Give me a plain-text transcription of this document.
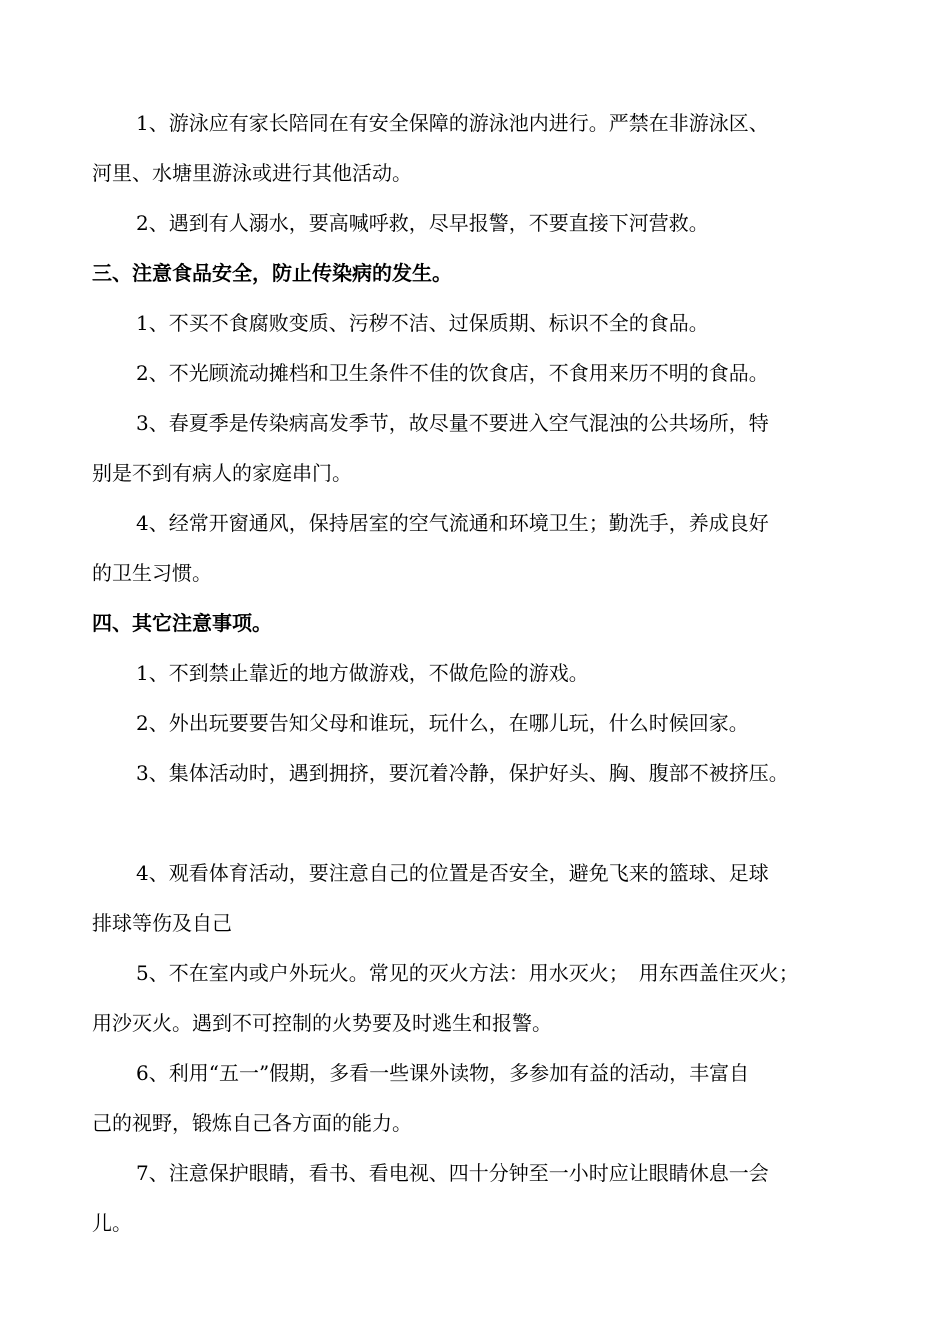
1、游泳应有家长陪同在有安全保障的游泳池内进行。严禁在非游泳区、

河里、水塘里游泳或进行其他活动。

2、遇到有人溺水，要高喊呼救，尽早报警，不要直接下河营救。

三、注意食品安全，防止传染病的发生。

1、不买不食腐败变质、污秽不洁、过保质期、标识不全的食品。

2、不光顾流动摊档和卫生条件不佳的饮食店，不食用来历不明的食品。

3、春夏季是传染病高发季节，故尽量不要进入空气混浊的公共场所，特

别是不到有病人的家庭串门。

4、经常开窗通风，保持居室的空气流通和环境卫生；勤洗手，养成良好

的卫生习惯。

四、其它注意事项。

1、不到禁止靠近的地方做游戏，不做危险的游戏。

2、外出玩要要告知父母和谁玩，玩什么，在哪儿玩，什么时候回家。

3、集体活动时，遇到拥挤，要沉着冷静，保护好头、胸、腹部不被挤压。

4、观看体育活动，要注意自己的位置是否安全，避免飞来的篮球、足球

排球等伤及自己

5、不在室内或户外玩火。常见的灭火方法：用水灭火；　用东西盖住灭火；

用沙灭火。遇到不可控制的火势要及时逃生和报警。

6、利用“五一”假期，多看一些课外读物，多参加有益的活动，丰富自

己的视野，锻炼自己各方面的能力。

7、注意保护眼睛，看书、看电视、四十分钟至一小时应让眼睛休息一会

儿。
